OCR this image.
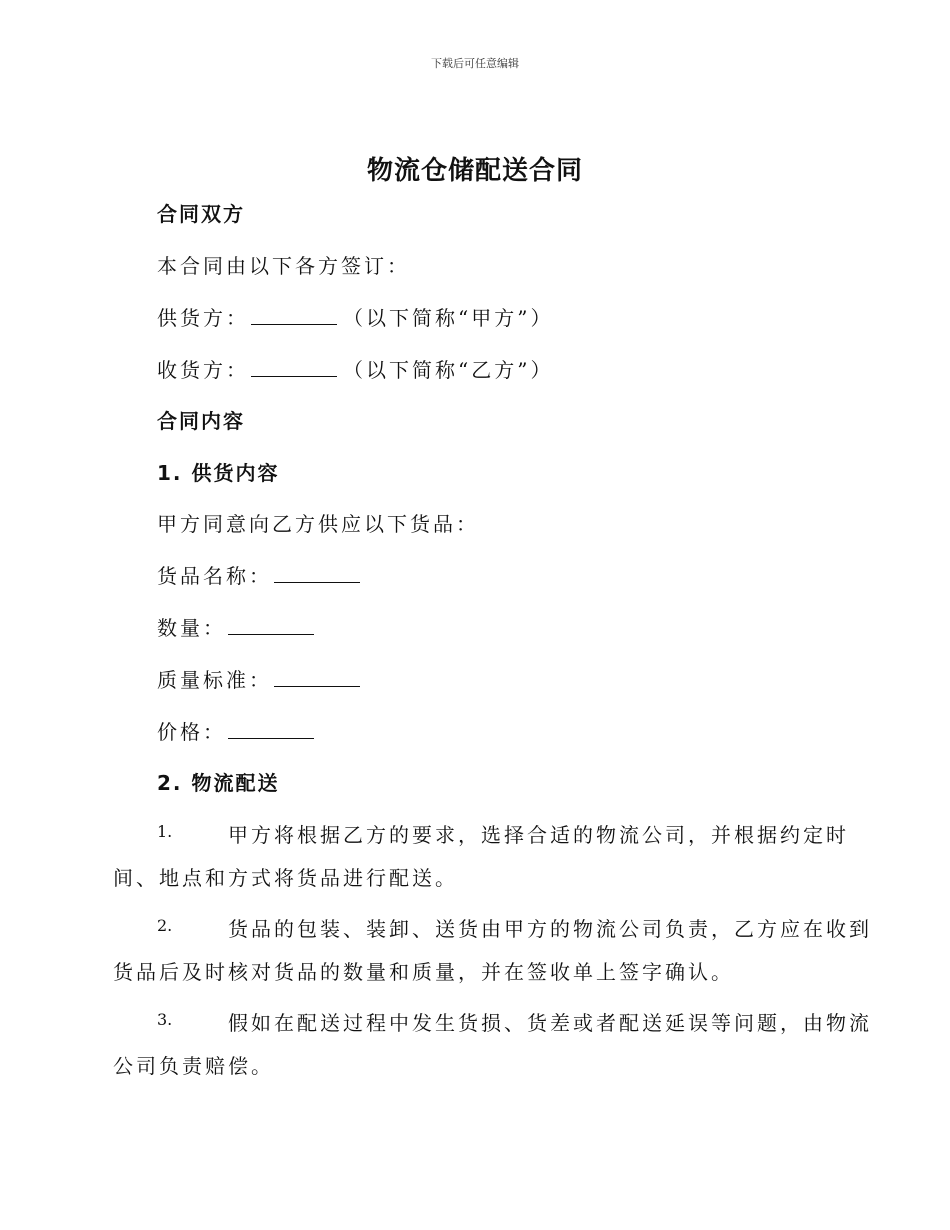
下载后可任意编辑
物流仓储配送合同
合同双方
本合同由以下各方签订：
供货方：	（以下简称“甲方”）
收货方：	（以下简称“乙方”）
合同内容
1. 供货内容
甲方同意向乙方供应以下货品：
货品名称：
数量：
质量标准：
价格：
2. 物流配送
1.	甲方将根据乙方的要求，选择合适的物流公司，并根据约定时
间、地点和方式将货品进行配送。
2.	货品的包装、装卸、送货由甲方的物流公司负责，乙方应在收到
货品后及时核对货品的数量和质量，并在签收单上签字确认。
3.	假如在配送过程中发生货损、货差或者配送延误等问题，由物流
公司负责赔偿。
